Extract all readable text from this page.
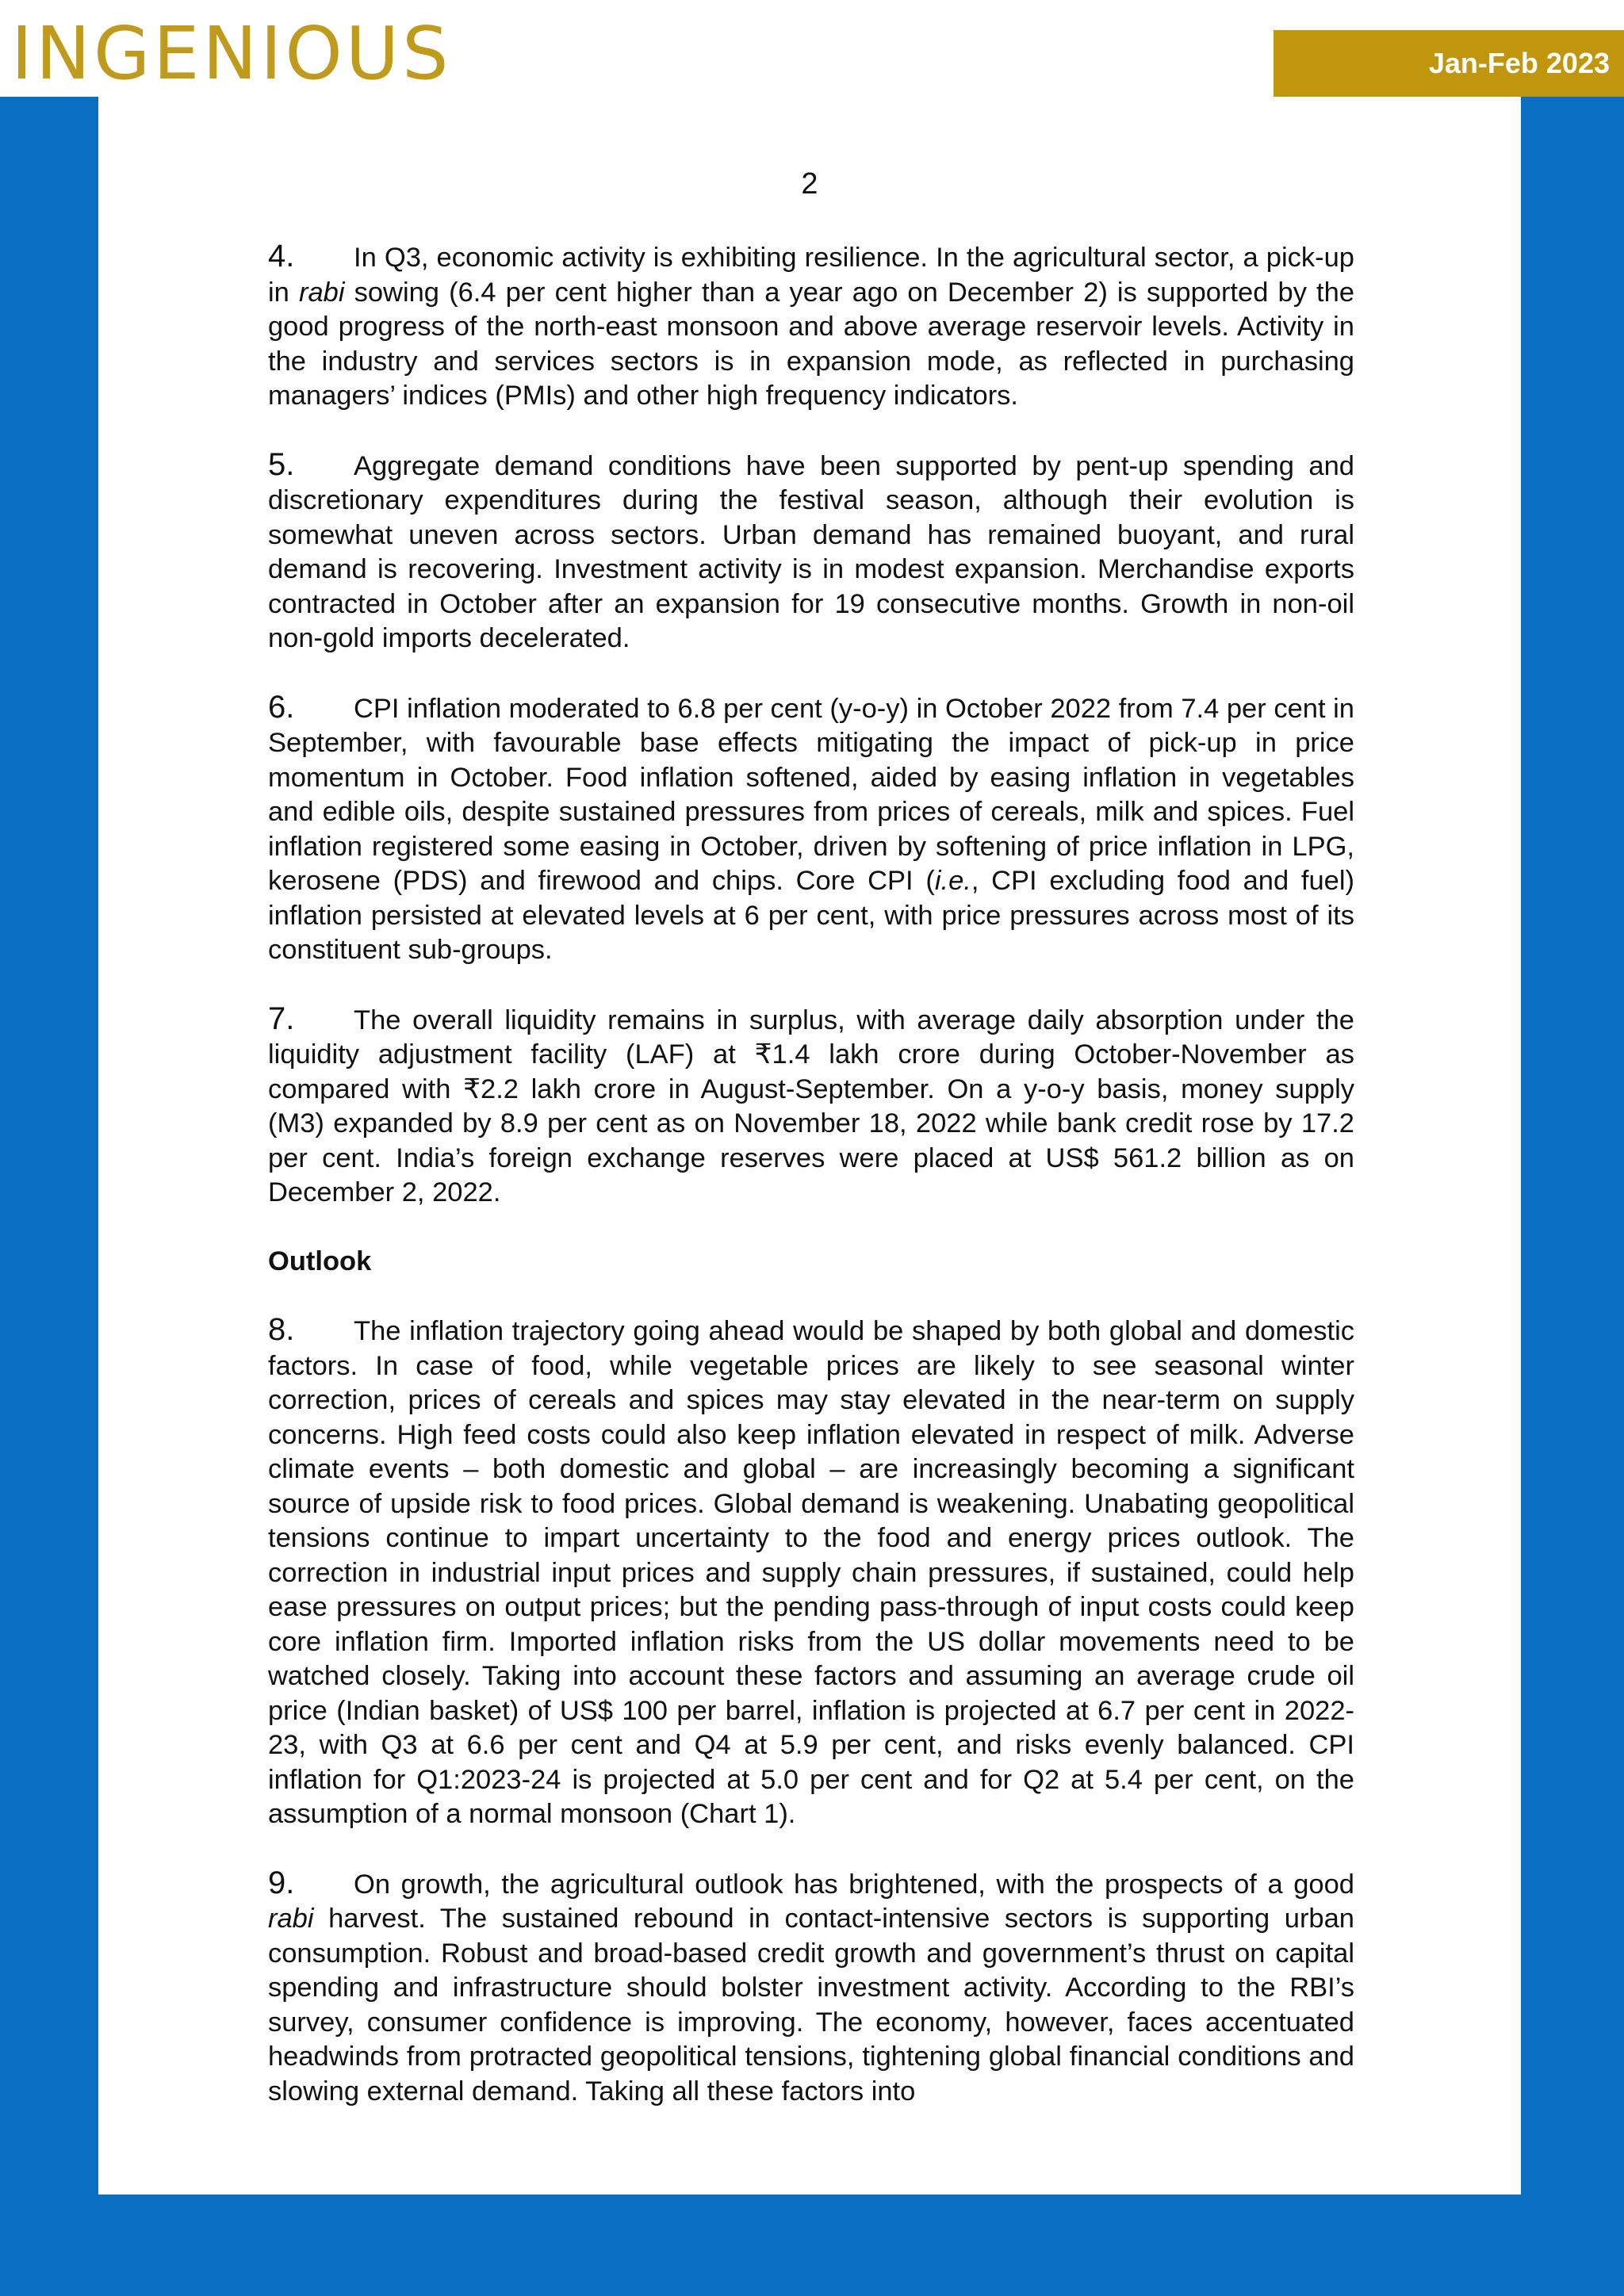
INGENIOUS	Jan-Feb 2023
2

4. In Q3, economic activity is exhibiting resilience. In the agricultural sector, a pick-up in rabi sowing (6.4 per cent higher than a year ago on December 2) is supported by the good progress of the north-east monsoon and above average reservoir levels. Activity in the industry and services sectors is in expansion mode, as reflected in purchasing managers’ indices (PMIs) and other high frequency indicators.

5. Aggregate demand conditions have been supported by pent-up spending and discretionary expenditures during the festival season, although their evolution is somewhat uneven across sectors. Urban demand has remained buoyant, and rural demand is recovering. Investment activity is in modest expansion. Merchandise exports contracted in October after an expansion for 19 consecutive months. Growth in non-oil non-gold imports decelerated.

6. CPI inflation moderated to 6.8 per cent (y-o-y) in October 2022 from 7.4 per cent in September, with favourable base effects mitigating the impact of pick-up in price momentum in October. Food inflation softened, aided by easing inflation in vegetables and edible oils, despite sustained pressures from prices of cereals, milk and spices. Fuel inflation registered some easing in October, driven by softening of price inflation in LPG, kerosene (PDS) and firewood and chips. Core CPI (i.e., CPI excluding food and fuel) inflation persisted at elevated levels at 6 per cent, with price pressures across most of its constituent sub-groups.

7. The overall liquidity remains in surplus, with average daily absorption under the liquidity adjustment facility (LAF) at ₹1.4 lakh crore during October-November as compared with ₹2.2 lakh crore in August-September. On a y-o-y basis, money supply (M3) expanded by 8.9 per cent as on November 18, 2022 while bank credit rose by 17.2 per cent. India’s foreign exchange reserves were placed at US$ 561.2 billion as on December 2, 2022.

Outlook

8. The inflation trajectory going ahead would be shaped by both global and domestic factors. In case of food, while vegetable prices are likely to see seasonal winter correction, prices of cereals and spices may stay elevated in the near-term on supply concerns. High feed costs could also keep inflation elevated in respect of milk. Adverse climate events – both domestic and global – are increasingly becoming a significant source of upside risk to food prices. Global demand is weakening. Unabating geopolitical tensions continue to impart uncertainty to the food and energy prices outlook. The correction in industrial input prices and supply chain pressures, if sustained, could help ease pressures on output prices; but the pending pass-through of input costs could keep core inflation firm. Imported inflation risks from the US dollar movements need to be watched closely. Taking into account these factors and assuming an average crude oil price (Indian basket) of US$ 100 per barrel, inflation is projected at 6.7 per cent in 2022-23, with Q3 at 6.6 per cent and Q4 at 5.9 per cent, and risks evenly balanced. CPI inflation for Q1:2023-24 is projected at 5.0 per cent and for Q2 at 5.4 per cent, on the assumption of a normal monsoon (Chart 1).

9. On growth, the agricultural outlook has brightened, with the prospects of a good rabi harvest. The sustained rebound in contact-intensive sectors is supporting urban consumption. Robust and broad-based credit growth and government’s thrust on capital spending and infrastructure should bolster investment activity. According to the RBI’s survey, consumer confidence is improving. The economy, however, faces accentuated headwinds from protracted geopolitical tensions, tightening global financial conditions and slowing external demand. Taking all these factors into
